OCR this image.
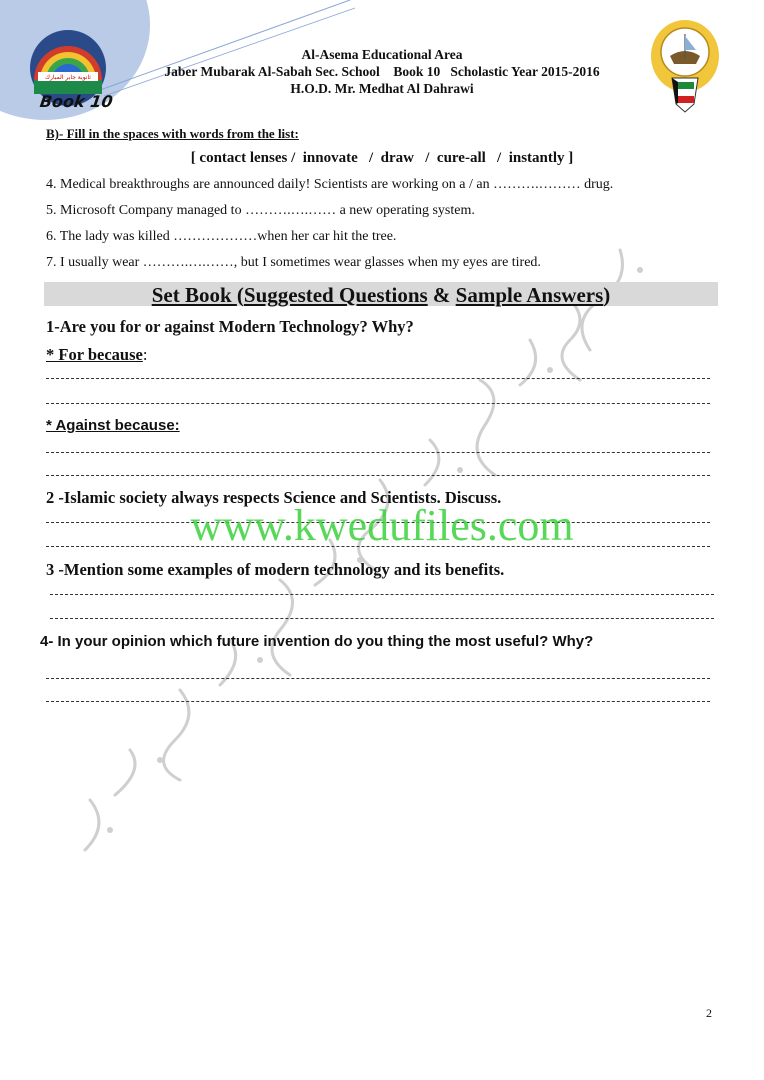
ثانوية جابر المبارك
Book 10
Al-Asema Educational Area
Jaber Mubarak Al-Sabah Sec. School    Book 10   Scholastic Year 2015-2016
H.O.D. Mr. Medhat Al Dahrawi
B)- Fill in the spaces with words from the list:
[ contact lenses /  innovate   /  draw   /  cure-all   /  instantly ]
4. Medical breakthroughs are announced daily! Scientists are working on a / an ……….……… drug.
5. Microsoft Company managed to ……….….…… a new operating system.
6. The lady was killed ………………when her car hit the tree.
7. I usually wear ……….….……, but I sometimes wear glasses when my eyes are tired.
Set Book (Suggested Questions & Sample Answers)
1-Are you for or against Modern Technology? Why?
* For because:
* Against because:
2 -Islamic society always respects Science and Scientists. Discuss.
www.kwedufiles.com
3 -Mention some examples of modern technology and its benefits.
4- In your opinion which future invention do you thing the most useful? Why?
2
